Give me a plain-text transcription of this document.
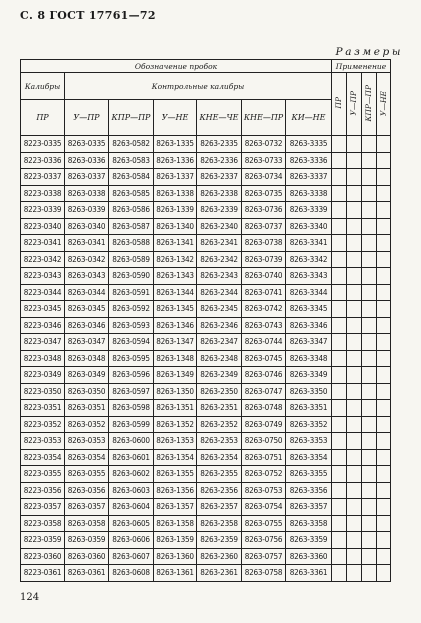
С. 8 ГОСТ 17761—72
Размеры
Обозначение пробок							Применение			
Калибры	Контрольные калибры						ПР	У—ПР	КПР—ПР	У—НЕ
ПР	У—ПР	КПР—ПР	У—НЕ	КНЕ—ЧЕ	КНЕ—ПР	КИ—НЕ				
8223-0335	8263-0335	8263-0582	8263-1335	8263-2335	8263-0732	8263-3335				
8223-0336	8263-0336	8263-0583	8263-1336	8263-2336	8263-0733	8263-3336				
8223-0337	8263-0337	8263-0584	8263-1337	8263-2337	8263-0734	8263-3337				
8223-0338	8263-0338	8263-0585	8263-1338	8263-2338	8263-0735	8263-3338				
8223-0339	8263-0339	8263-0586	8263-1339	8263-2339	8263-0736	8263-3339				
8223-0340	8263-0340	8263-0587	8263-1340	8263-2340	8263-0737	8263-3340				
8223-0341	8263-0341	8263-0588	8263-1341	8263-2341	8263-0738	8263-3341				
8223-0342	8263-0342	8263-0589	8263-1342	8263-2342	8263-0739	8263-3342				
8223-0343	8263-0343	8263-0590	8263-1343	8263-2343	8263-0740	8263-3343				
8223-0344	8263-0344	8263-0591	8263-1344	8263-2344	8263-0741	8263-3344				
8223-0345	8263-0345	8263-0592	8263-1345	8263-2345	8263-0742	8263-3345				
8223-0346	8263-0346	8263-0593	8263-1346	8263-2346	8263-0743	8263-3346				
8223-0347	8263-0347	8263-0594	8263-1347	8263-2347	8263-0744	8263-3347				
8223-0348	8263-0348	8263-0595	8263-1348	8263-2348	8263-0745	8263-3348				
8223-0349	8263-0349	8263-0596	8263-1349	8263-2349	8263-0746	8263-3349				
8223-0350	8263-0350	8263-0597	8263-1350	8263-2350	8263-0747	8263-3350				
8223-0351	8263-0351	8263-0598	8263-1351	8263-2351	8263-0748	8263-3351				
8223-0352	8263-0352	8263-0599	8263-1352	8263-2352	8263-0749	8263-3352				
8223-0353	8263-0353	8263-0600	8263-1353	8263-2353	8263-0750	8263-3353				
8223-0354	8263-0354	8263-0601	8263-1354	8263-2354	8263-0751	8263-3354				
8223-0355	8263-0355	8263-0602	8263-1355	8263-2355	8263-0752	8263-3355				
8223-0356	8263-0356	8263-0603	8263-1356	8263-2356	8263-0753	8263-3356				
8223-0357	8263-0357	8263-0604	8263-1357	8263-2357	8263-0754	8263-3357				
8223-0358	8263-0358	8263-0605	8263-1358	8263-2358	8263-0755	8263-3358				
8223-0359	8263-0359	8263-0606	8263-1359	8263-2359	8263-0756	8263-3359				
8223-0360	8263-0360	8263-0607	8263-1360	8263-2360	8263-0757	8263-3360				
8223-0361	8263-0361	8263-0608	8263-1361	8263-2361	8263-0758	8263-3361				
124
